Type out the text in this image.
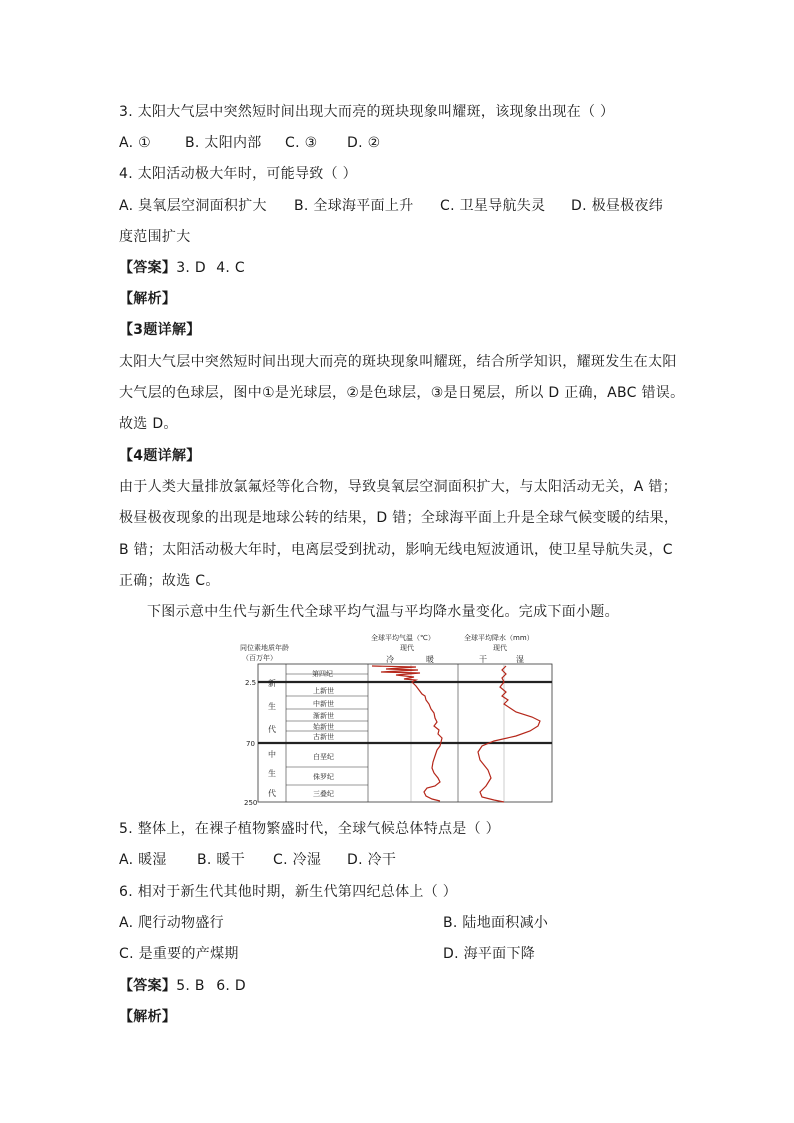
3. 太阳大气层中突然短时间出现大而亮的斑块现象叫耀斑，该现象出现在（ ）
A. ① B. 太阳内部 C. ③ D. ②
4. 太阳活动极大年时，可能导致（ ）
A. 臭氧层空洞面积扩大 B. 全球海平面上升 C. 卫星导航失灵 D. 极昼极夜纬
度范围扩大
【答案】3. D 4. C
【解析】
【3题详解】
太阳大气层中突然短时间出现大而亮的斑块现象叫耀斑，结合所学知识，耀斑发生在太阳
大气层的色球层，图中①是光球层，②是色球层，③是日冕层，所以 D 正确，ABC 错误。
故选 D。
【4题详解】
由于人类大量排放氯氟烃等化合物，导致臭氧层空洞面积扩大，与太阳活动无关，A 错；
极昼极夜现象的出现是地球公转的结果，D 错；全球海平面上升是全球气候变暖的结果，
B 错；太阳活动极大年时，电离层受到扰动，影响无线电短波通讯，使卫星导航失灵，C
正确；故选 C。
下图示意中生代与新生代全球平均气温与平均降水量变化。完成下面小题。
同位素地质年龄
（百万年）
全球平均气温（℃）
现代
冷	暖
全球平均降水（mm）
现代
干	湿
2.5
70
250
新
生
代
中
生
代
第四纪
上新世
中新世
渐新世
始新世
古新世
白垩纪
侏罗纪
三叠纪
5. 整体上，在裸子植物繁盛时代，全球气候总体特点是（ ）
A. 暖湿 B. 暖干 C. 冷湿 D. 冷干
6. 相对于新生代其他时期，新生代第四纪总体上（ ）
A. 爬行动物盛行	B. 陆地面积减小
C. 是重要的产煤期	D. 海平面下降
【答案】5. B 6. D
【解析】
